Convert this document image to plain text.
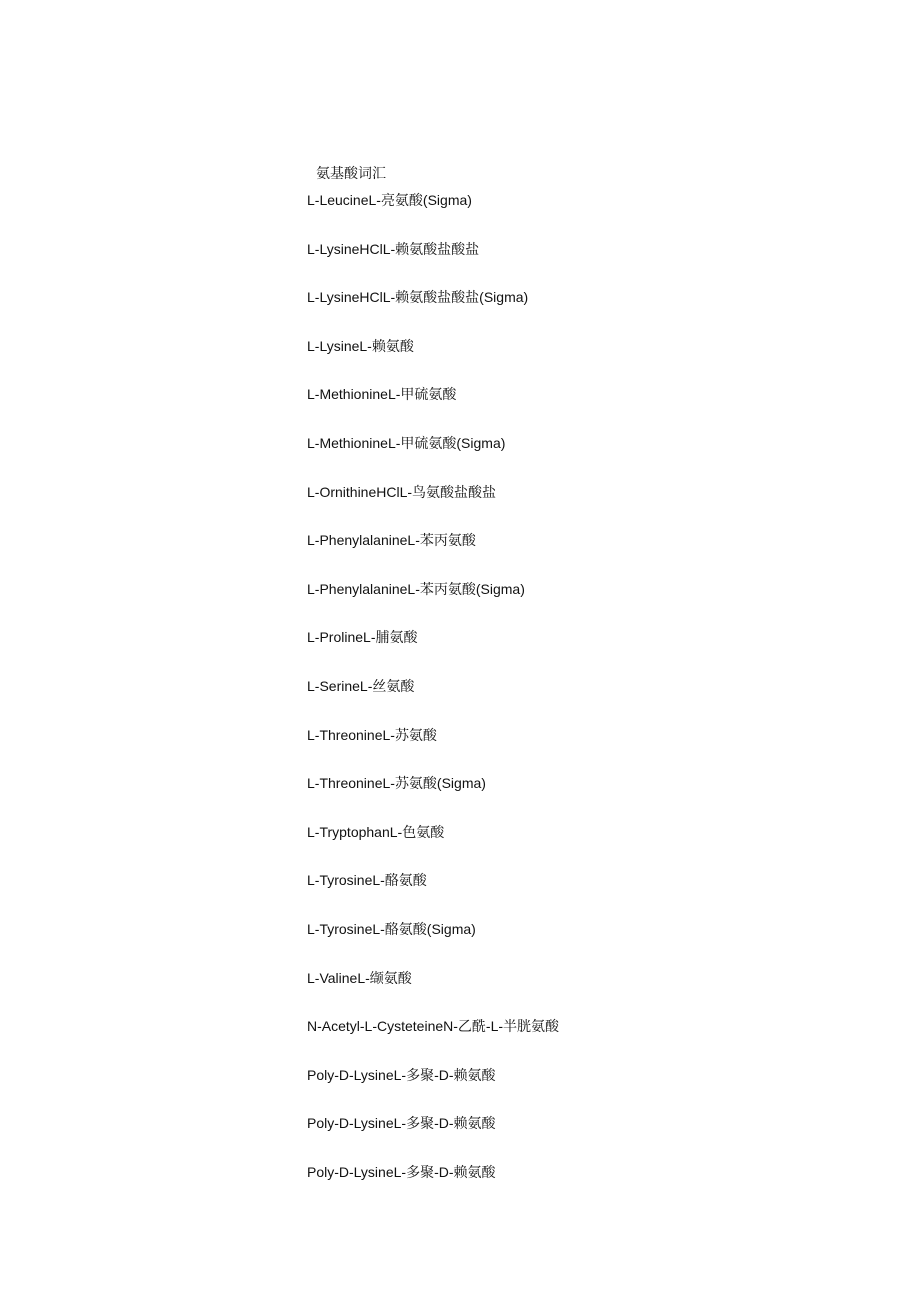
氨基酸词汇
L-LeucineL-亮氨酸(Sigma)
L-LysineHClL-赖氨酸盐酸盐
L-LysineHClL-赖氨酸盐酸盐(Sigma)
L-LysineL-赖氨酸
L-MethionineL-甲硫氨酸
L-MethionineL-甲硫氨酸(Sigma)
L-OrnithineHClL-鸟氨酸盐酸盐
L-PhenylalanineL-苯丙氨酸
L-PhenylalanineL-苯丙氨酸(Sigma)
L-ProlineL-脯氨酸
L-SerineL-丝氨酸
L-ThreonineL-苏氨酸
L-ThreonineL-苏氨酸(Sigma)
L-TryptophanL-色氨酸
L-TyrosineL-酪氨酸
L-TyrosineL-酪氨酸(Sigma)
L-ValineL-缬氨酸
N-Acetyl-L-CysteteineN-乙酰-L-半胱氨酸
Poly-D-LysineL-多聚-D-赖氨酸
Poly-D-LysineL-多聚-D-赖氨酸
Poly-D-LysineL-多聚-D-赖氨酸
